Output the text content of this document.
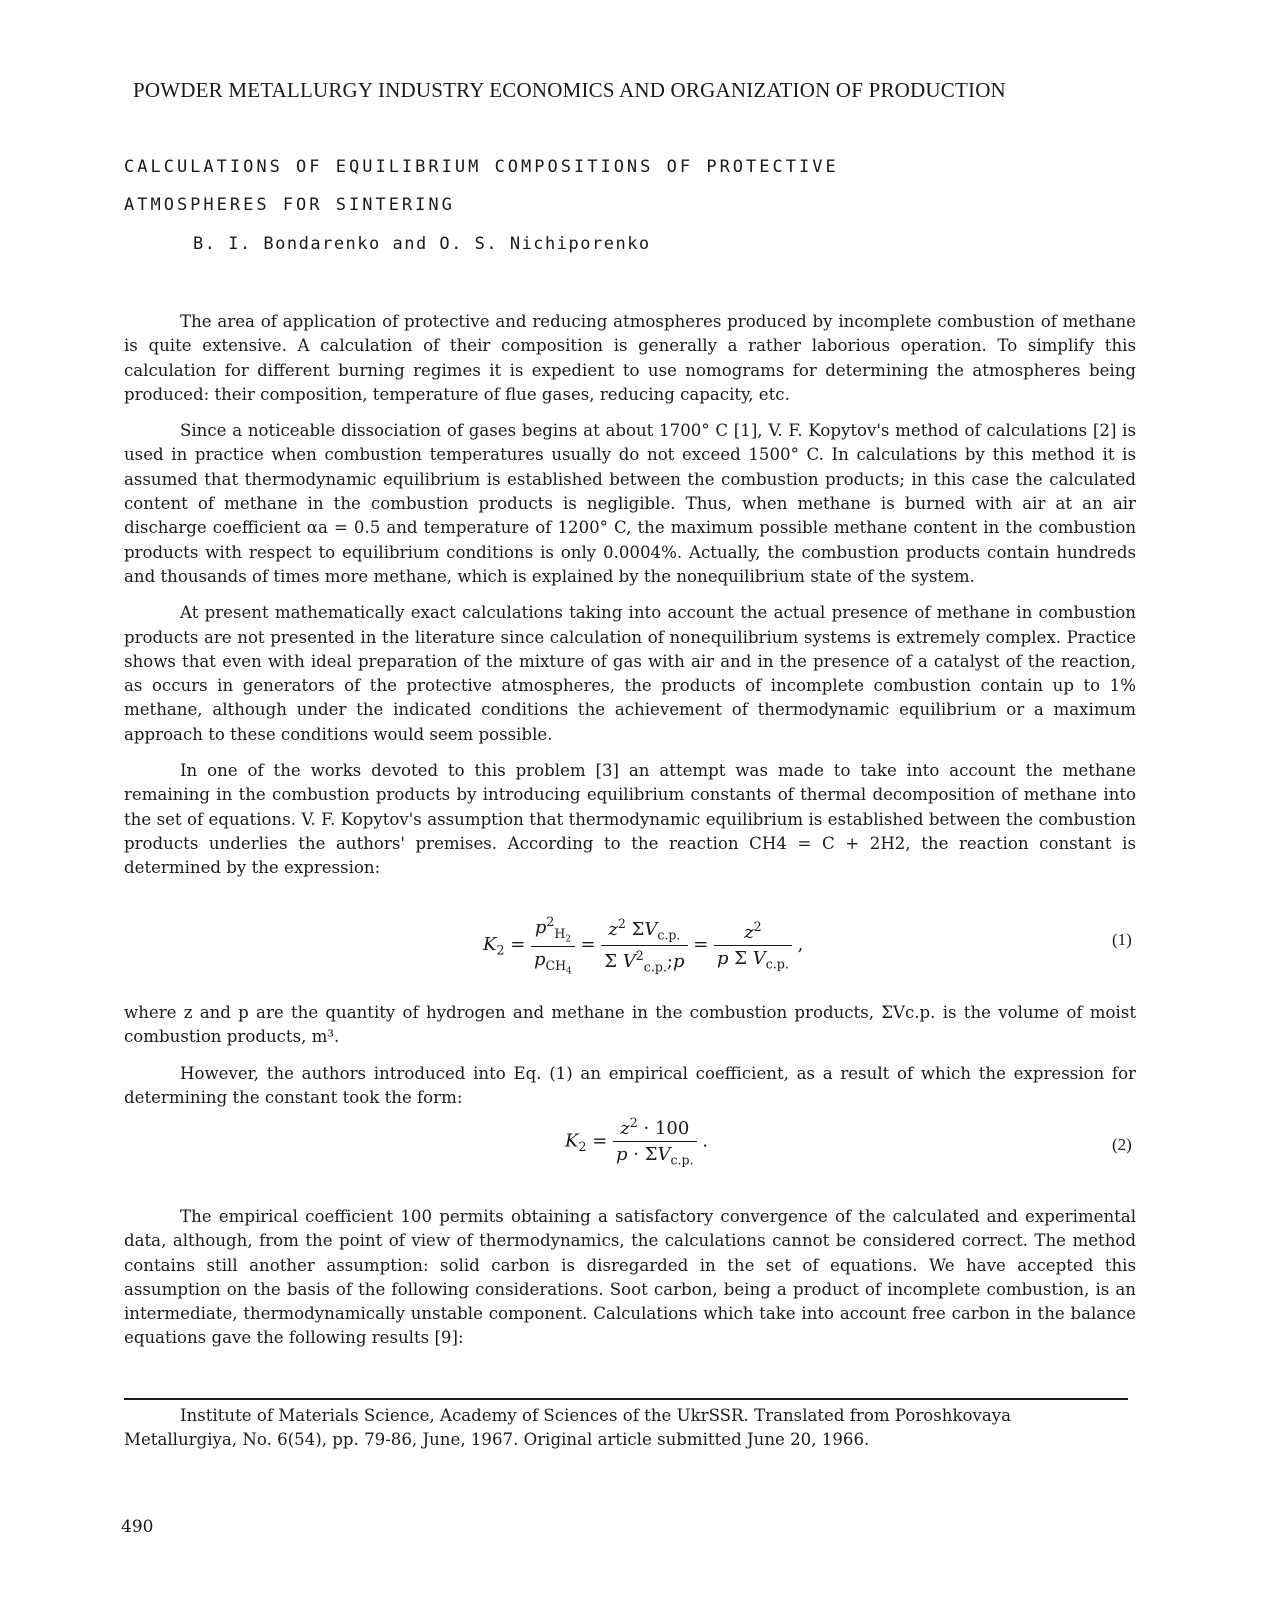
POWDER METALLURGY INDUSTRY ECONOMICS AND ORGANIZATION OF PRODUCTION
CALCULATIONS OF EQUILIBRIUM COMPOSITIONS OF PROTECTIVE
ATMOSPHERES FOR SINTERING
B. I. Bondarenko and O. S. Nichiporenko

The area of application of protective and reducing atmospheres produced by incomplete combustion of methane is quite extensive. A calculation of their composition is generally a rather laborious operation. To simplify this calculation for different burning regimes it is expedient to use nomograms for determining the atmospheres being produced: their composition, temperature of flue gases, reducing capacity, etc.

Since a noticeable dissociation of gases begins at about 1700° C [1], V. F. Kopytov's method of calculations [2] is used in practice when combustion temperatures usually do not exceed 1500° C. In calculations by this method it is assumed that thermodynamic equilibrium is established between the combustion products; in this case the calculated content of methane in the combustion products is negligible. Thus, when methane is burned with air at an air discharge coefficient αa = 0.5 and temperature of 1200° C, the maximum possible methane content in the combustion products with respect to equilibrium conditions is only 0.0004%. Actually, the combustion products contain hundreds and thousands of times more methane, which is explained by the nonequilibrium state of the system.

At present mathematically exact calculations taking into account the actual presence of methane in combustion products are not presented in the literature since calculation of nonequilibrium systems is extremely complex. Practice shows that even with ideal preparation of the mixture of gas with air and in the presence of a catalyst of the reaction, as occurs in generators of the protective atmospheres, the products of incomplete combustion contain up to 1% methane, although under the indicated conditions the achievement of thermodynamic equilibrium or a maximum approach to these conditions would seem possible.

In one of the works devoted to this problem [3] an attempt was made to take into account the methane remaining in the combustion products by introducing equilibrium constants of thermal decomposition of methane into the set of equations. V. F. Kopytov's assumption that thermodynamic equilibrium is established between the combustion products underlies the authors' premises. According to the reaction CH4 = C + 2H2, the reaction constant is determined by the expression:

$K_2 = \frac{p^2_{H_2}}{p_{CH_4}} = \frac{z^2 \Sigma V_{c.p.}}{\Sigma V^2_{c.p.};p} = \frac{z^2}{p \Sigma V_{c.p.}}$ ,	(1)

where z and p are the quantity of hydrogen and methane in the combustion products, ΣVc.p. is the volume of moist combustion products, m³.

However, the authors introduced into Eq. (1) an empirical coefficient, as a result of which the expression for determining the constant took the form:

$K_2 = \frac{z^2 \cdot 100}{p \cdot \Sigma V_{c.p.}}$ .	(2)

The empirical coefficient 100 permits obtaining a satisfactory convergence of the calculated and experimental data, although, from the point of view of thermodynamics, the calculations cannot be considered correct. The method contains still another assumption: solid carbon is disregarded in the set of equations. We have accepted this assumption on the basis of the following considerations. Soot carbon, being a product of incomplete combustion, is an intermediate, thermodynamically unstable component. Calculations which take into account free carbon in the balance equations gave the following results [9]:

Institute of Materials Science, Academy of Sciences of the UkrSSR. Translated from Poroshkovaya Metallurgiya, No. 6(54), pp. 79-86, June, 1967. Original article submitted June 20, 1966.

490
